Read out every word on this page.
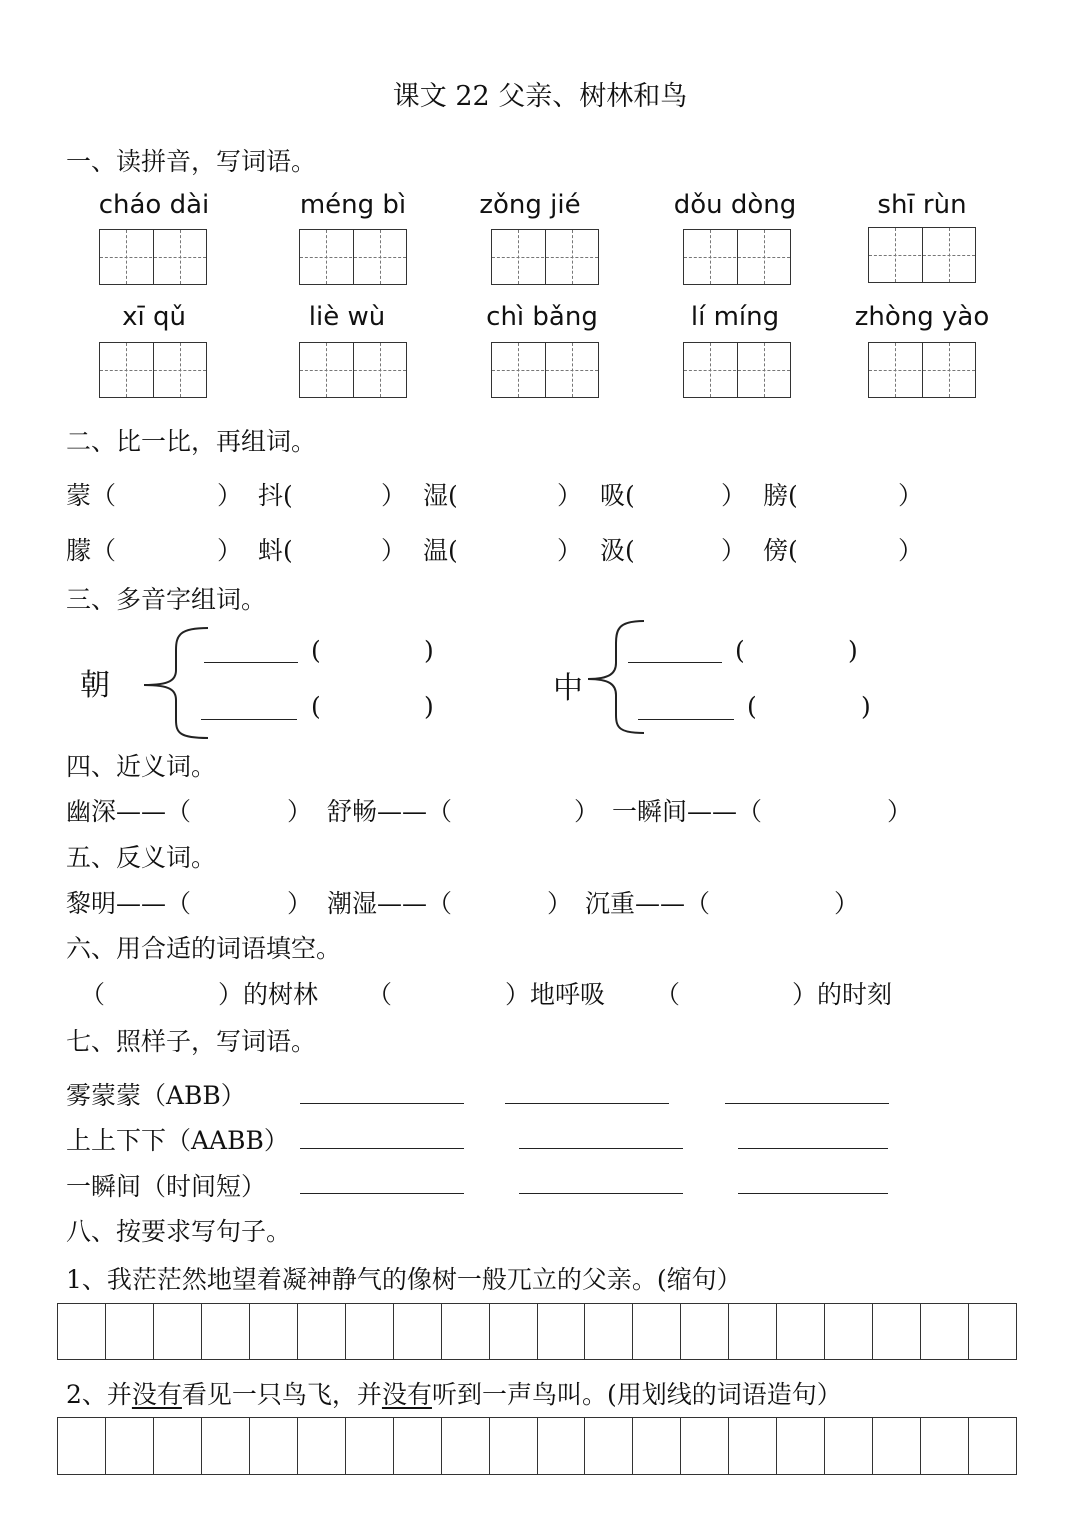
课文 22 父亲、树林和鸟
一、读拼音，写词语。
cháo dài	méng bì	zǒng jié	dǒu dòng	shī rùn
xī qǔ	liè wù	chì bǎng	lí míng	zhòng yào
二、比一比，再组词。
蒙（	） 抖(	） 湿(	） 吸(	） 膀(	）
朦（	） 蚪(	） 温(	） 汲(	） 傍(	）
三、多音字组词。
朝
(	)
(	)
中
(	)
(	)
四、近义词。
幽深——（	） 舒畅——（	） 一瞬间——（	）
五、反义词。
黎明——（	） 潮湿——（	） 沉重——（	）
六、用合适的词语填空。
（	）的树林 （	）地呼吸 （	）的时刻
七、照样子，写词语。
雾蒙蒙（ABB）
上上下下（AABB）
一瞬间（时间短）
八、按要求写句子。
1、我茫茫然地望着凝神静气的像树一般兀立的父亲。(缩句）
2、并没有看见一只鸟飞，并没有听到一声鸟叫。(用划线的词语造句）
